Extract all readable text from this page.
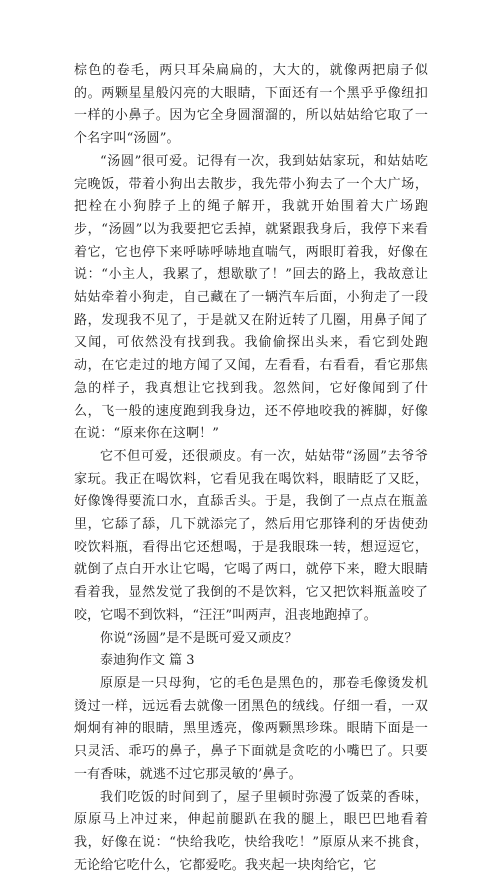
棕色的卷毛，两只耳朵扁扁的，大大的，就像两把扇子似的。两颗星星般闪亮的大眼睛，下面还有一个黑乎乎像纽扣一样的小鼻子。因为它全身圆溜溜的，所以姑姑给它取了一个名字叫“汤圆”。

“汤圆”很可爱。记得有一次，我到姑姑家玩，和姑姑吃完晚饭，带着小狗出去散步，我先带小狗去了一个大广场，把栓在小狗脖子上的绳子解开，我就开始围着大广场跑步，“汤圆”以为我要把它丢掉，就紧跟我身后，我停下来看着它，它也停下来呼哧呼哧地直喘气，两眼盯着我，好像在说：“小主人，我累了，想歇歇了！”回去的路上，我故意让姑姑牵着小狗走，自己藏在了一辆汽车后面，小狗走了一段路，发现我不见了，于是就又在附近转了几圈，用鼻子闻了又闻，可依然没有找到我。我偷偷探出头来，看它到处跑动，在它走过的地方闻了又闻，左看看，右看看，看它那焦急的样子，我真想让它找到我。忽然间，它好像闻到了什么，飞一般的速度跑到我身边，还不停地咬我的裤脚，好像在说：“原来你在这啊！”

它不但可爱，还很顽皮。有一次，姑姑带“汤圆”去爷爷家玩。我正在喝饮料，它看见我在喝饮料，眼睛眨了又眨，好像馋得要流口水，直舔舌头。于是，我倒了一点点在瓶盖里，它舔了舔，几下就添完了，然后用它那锋利的牙齿使劲咬饮料瓶，看得出它还想喝，于是我眼珠一转，想逗逗它，就倒了点白开水让它喝，它喝了两口，就停下来，瞪大眼睛看着我，显然发觉了我倒的不是饮料，它又把饮料瓶盖咬了咬，它喝不到饮料，“汪汪”叫两声，沮丧地跑掉了。

你说“汤圆”是不是既可爱又顽皮？

泰迪狗作文 篇 3

原原是一只母狗，它的毛色是黑色的，那卷毛像烫发机烫过一样，远远看去就像一团黑色的绒线。仔细一看，一双炯炯有神的眼睛，黑里透亮，像两颗黑珍珠。眼睛下面是一只灵活、乖巧的鼻子，鼻子下面就是贪吃的小嘴巴了。只要一有香味，就逃不过它那灵敏的’鼻子。

我们吃饭的时间到了，屋子里顿时弥漫了饭菜的香味，原原马上冲过来，伸起前腿趴在我的腿上，眼巴巴地看着我，好像在说：“快给我吃，快给我吃！”原原从来不挑食，无论给它吃什么，它都爱吃。我夹起一块肉给它，它
